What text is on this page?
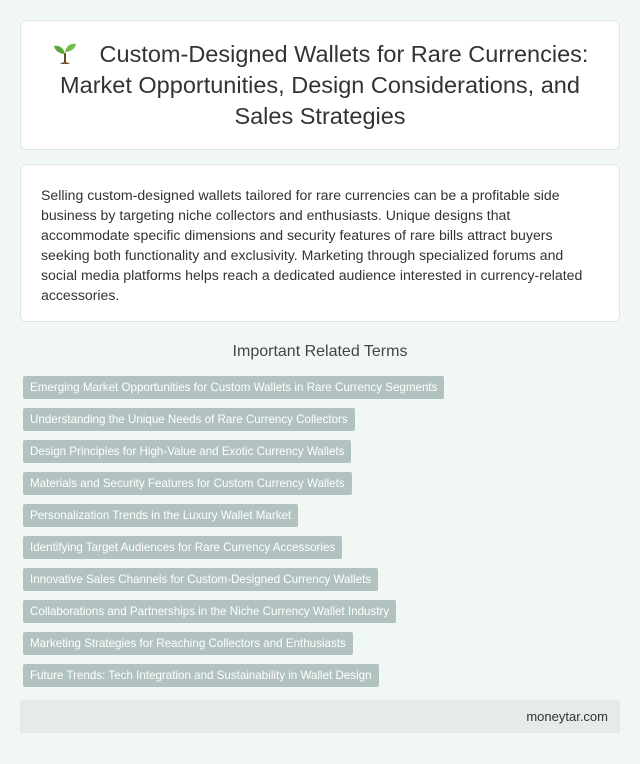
Custom-Designed Wallets for Rare Currencies: Market Opportunities, Design Considerations, and Sales Strategies

Selling custom-designed wallets tailored for rare currencies can be a profitable side business by targeting niche collectors and enthusiasts. Unique designs that accommodate specific dimensions and security features of rare bills attract buyers seeking both functionality and exclusivity. Marketing through specialized forums and social media platforms helps reach a dedicated audience interested in currency-related accessories.

Important Related Terms
Emerging Market Opportunities for Custom Wallets in Rare Currency Segments
Understanding the Unique Needs of Rare Currency Collectors
Design Principles for High-Value and Exotic Currency Wallets
Materials and Security Features for Custom Currency Wallets
Personalization Trends in the Luxury Wallet Market
Identifying Target Audiences for Rare Currency Accessories
Innovative Sales Channels for Custom-Designed Currency Wallets
Collaborations and Partnerships in the Niche Currency Wallet Industry
Marketing Strategies for Reaching Collectors and Enthusiasts
Future Trends: Tech Integration and Sustainability in Wallet Design
moneytar.com
